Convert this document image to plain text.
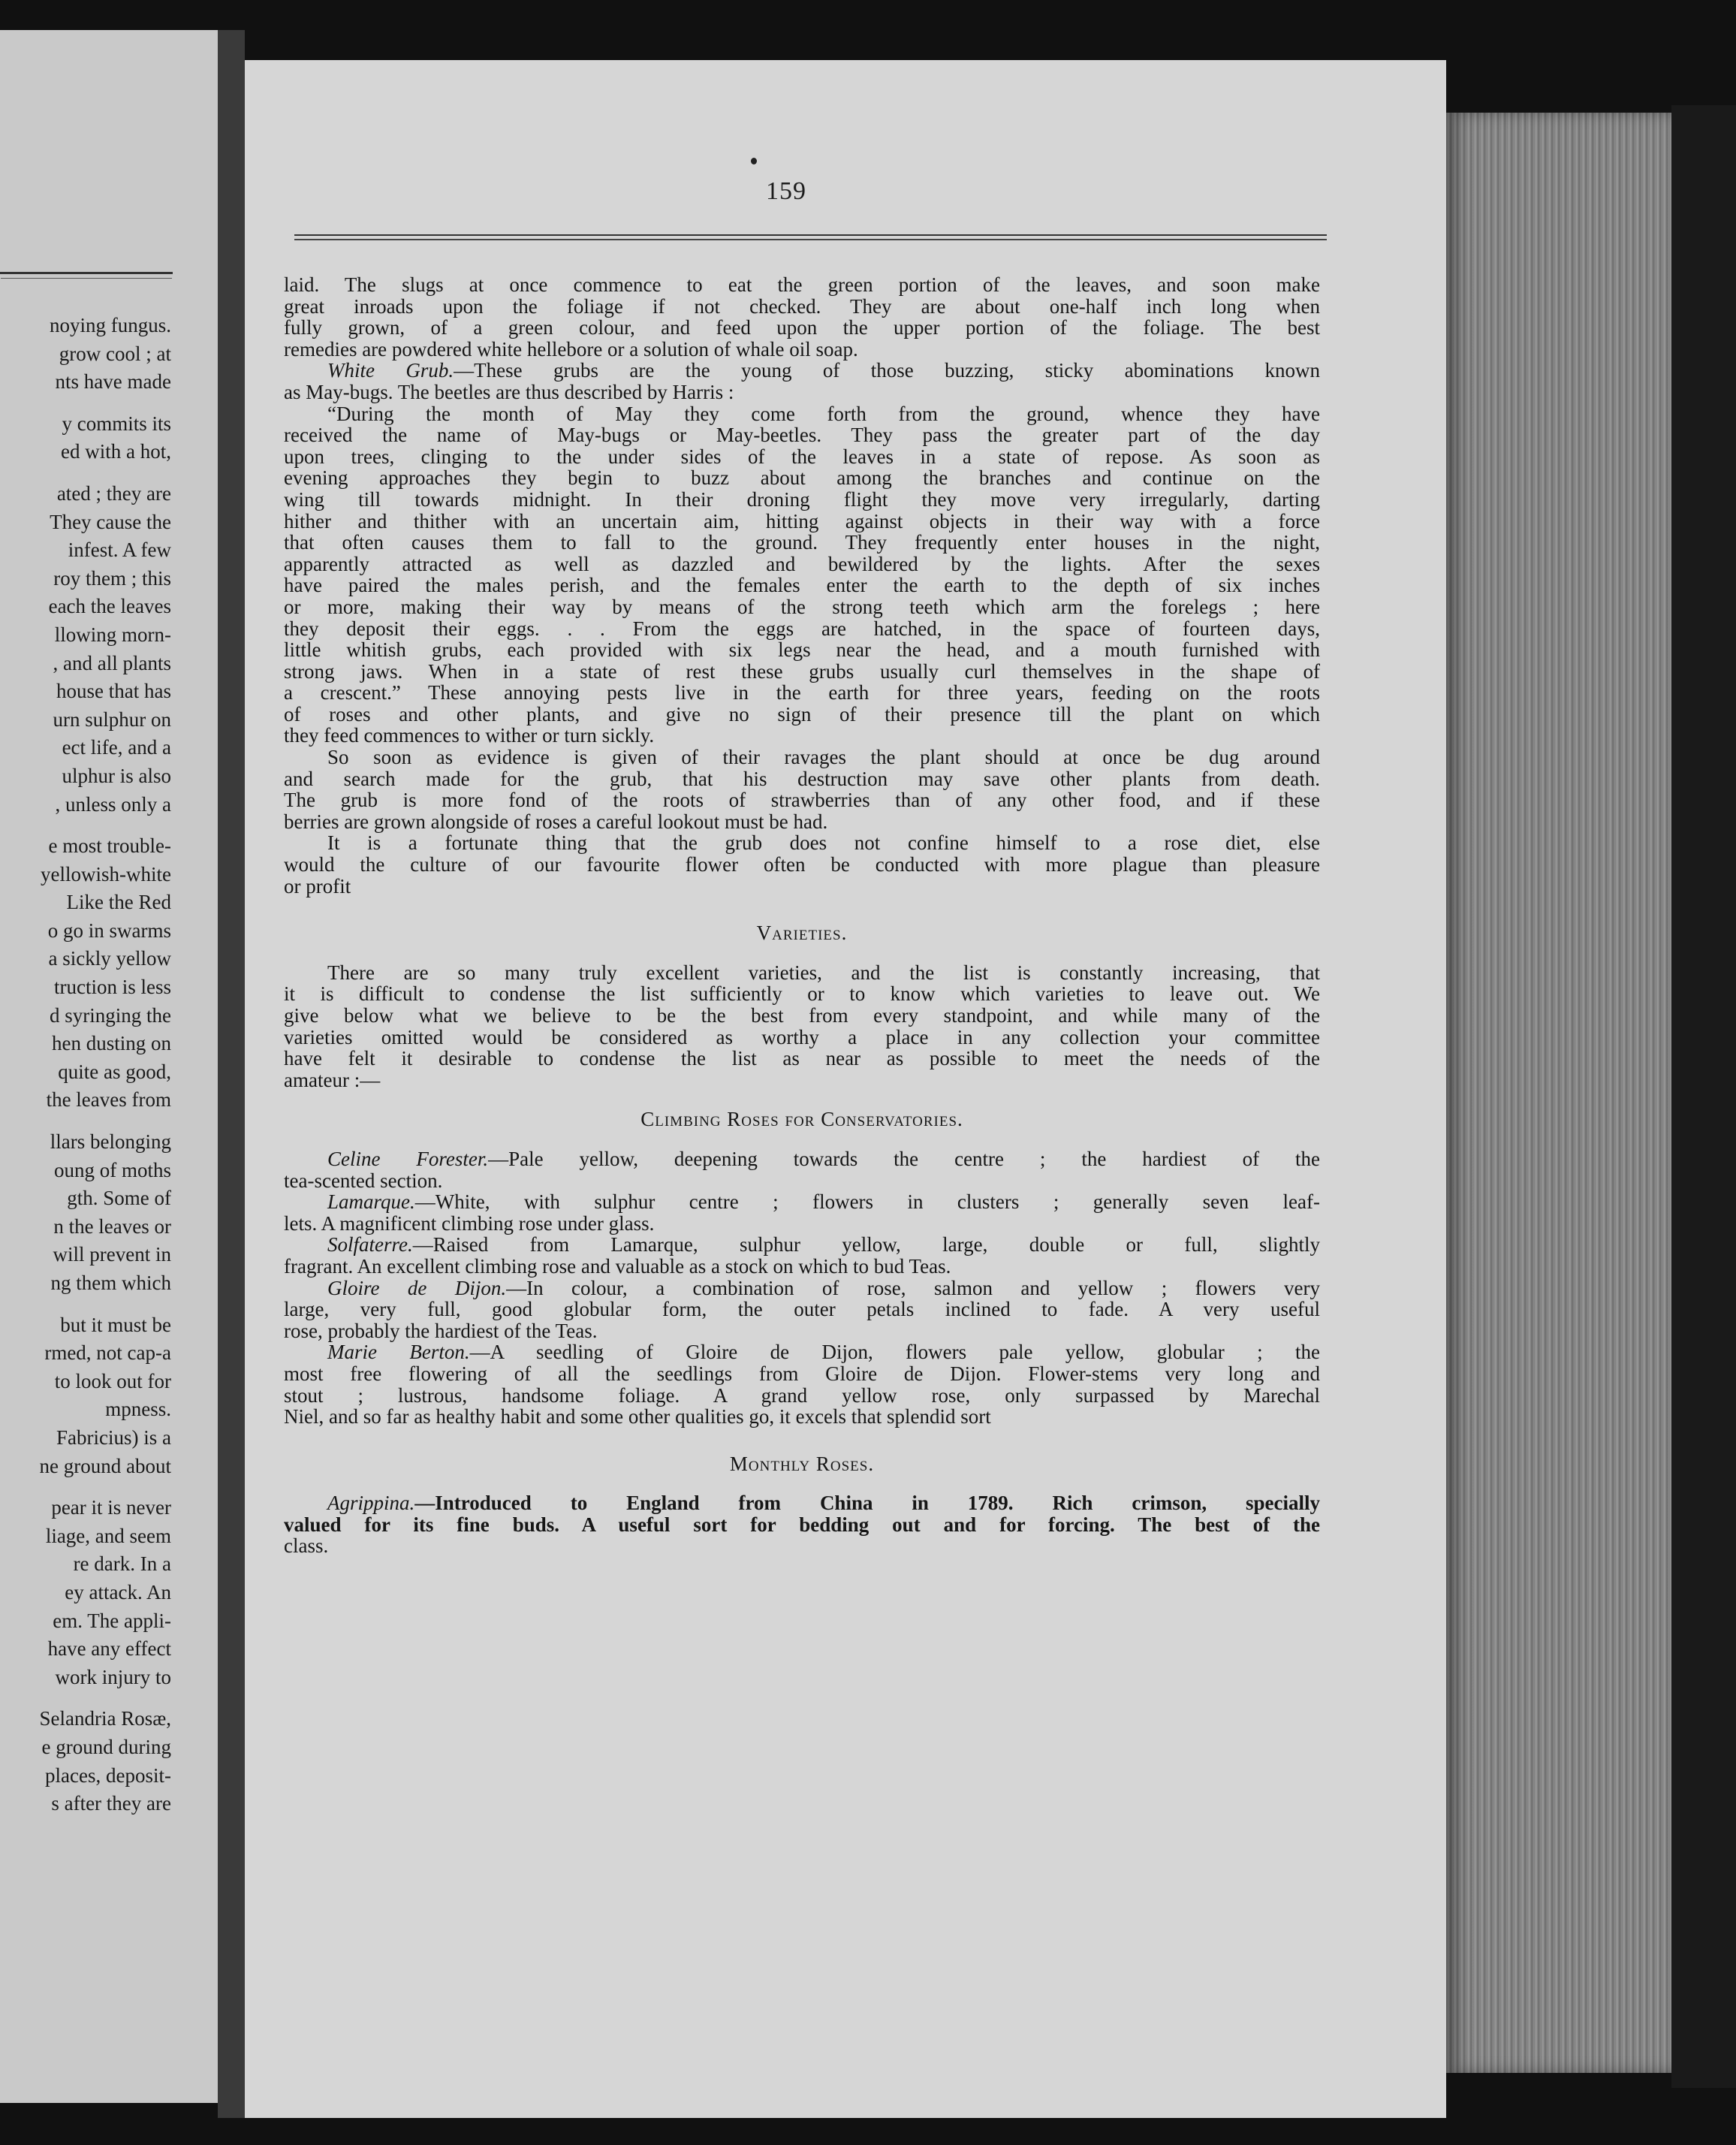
noying fungus.
grow cool ; at
nts have made
y commits its
ed with a hot,
ated ; they are
They cause the
infest. A few
roy them ; this
each the leaves
llowing morn-
, and all plants
house that has
urn sulphur on
ect life, and a
ulphur is also
, unless only a
e most trouble-
yellowish-white
Like the Red
o go in swarms
a sickly yellow
truction is less
d syringing the
hen dusting on
quite as good,
the leaves from
llars belonging
oung of moths
gth. Some of
n the leaves or
will prevent in
ng them which
but it must be
rmed, not cap-a
to look out for
mpness.
Fabricius) is a
ne ground about
pear it is never
liage, and seem
re dark. In a
ey attack. An
em. The appli-
have any effect
work injury to
Selandria Rosæ,
e ground during
places, deposit-
s after they are
159
laid. The slugs at once commence to eat the green portion of the leaves, and soon make
great inroads upon the foliage if not checked. They are about one-half inch long when
fully grown, of a green colour, and feed upon the upper portion of the foliage. The best
remedies are powdered white hellebore or a solution of whale oil soap.
White Grub.—These grubs are the young of those buzzing, sticky abominations known
as May-bugs. The beetles are thus described by Harris :
“During the month of May they come forth from the ground, whence they have
received the name of May-bugs or May-beetles. They pass the greater part of the day
upon trees, clinging to the under sides of the leaves in a state of repose. As soon as
evening approaches they begin to buzz about among the branches and continue on the
wing till towards midnight. In their droning flight they move very irregularly, darting
hither and thither with an uncertain aim, hitting against objects in their way with a force
that often causes them to fall to the ground. They frequently enter houses in the night,
apparently attracted as well as dazzled and bewildered by the lights. After the sexes
have paired the males perish, and the females enter the earth to the depth of six inches
or more, making their way by means of the strong teeth which arm the forelegs ; here
they deposit their eggs. . . From the eggs are hatched, in the space of fourteen days,
little whitish grubs, each provided with six legs near the head, and a mouth furnished with
strong jaws. When in a state of rest these grubs usually curl themselves in the shape of
a crescent.” These annoying pests live in the earth for three years, feeding on the roots
of roses and other plants, and give no sign of their presence till the plant on which
they feed commences to wither or turn sickly.
So soon as evidence is given of their ravages the plant should at once be dug around
and search made for the grub, that his destruction may save other plants from death.
The grub is more fond of the roots of strawberries than of any other food, and if these
berries are grown alongside of roses a careful lookout must be had.
It is a fortunate thing that the grub does not confine himself to a rose diet, else
would the culture of our favourite flower often be conducted with more plague than pleasure
or profit
Varieties.
There are so many truly excellent varieties, and the list is constantly increasing, that
it is difficult to condense the list sufficiently or to know which varieties to leave out. We
give below what we believe to be the best from every standpoint, and while many of the
varieties omitted would be considered as worthy a place in any collection your committee
have felt it desirable to condense the list as near as possible to meet the needs of the
amateur :—
Climbing Roses for Conservatories.
Celine Forester.—Pale yellow, deepening towards the centre ; the hardiest of the
tea-scented section.
Lamarque.—White, with sulphur centre ; flowers in clusters ; generally seven leaf-
lets. A magnificent climbing rose under glass.
Solfaterre.—Raised from Lamarque, sulphur yellow, large, double or full, slightly
fragrant. An excellent climbing rose and valuable as a stock on which to bud Teas.
Gloire de Dijon.—In colour, a combination of rose, salmon and yellow ; flowers very
large, very full, good globular form, the outer petals inclined to fade. A very useful
rose, probably the hardiest of the Teas.
Marie Berton.—A seedling of Gloire de Dijon, flowers pale yellow, globular ; the
most free flowering of all the seedlings from Gloire de Dijon. Flower-stems very long and
stout ; lustrous, handsome foliage. A grand yellow rose, only surpassed by Marechal
Niel, and so far as healthy habit and some other qualities go, it excels that splendid sort
Monthly Roses.
Agrippina.—Introduced to England from China in 1789. Rich crimson, specially
valued for its fine buds. A useful sort for bedding out and for forcing. The best of the
class.
